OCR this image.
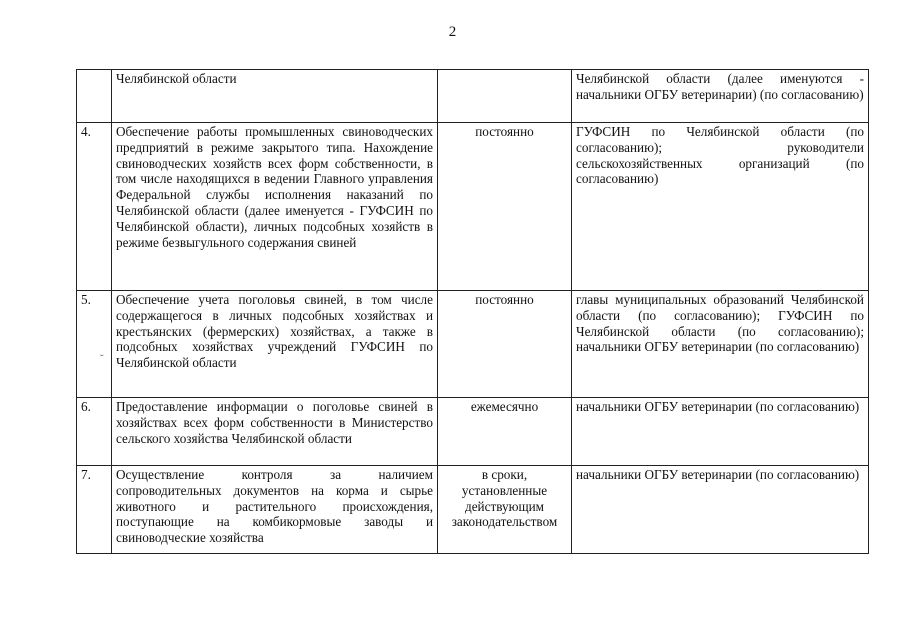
2
	Челябинской области		Челябинской области (далее именуются - начальники ОГБУ ветеринарии) (по согласованию)
4.	Обеспечение работы промышленных свиноводческих предприятий в режиме закрытого типа. Нахождение свиноводческих хозяйств всех форм собственности, в том числе находящихся в ведении Главного управления Федеральной службы исполнения наказаний по Челябинской области (далее именуется - ГУФСИН по Челябинской области), личных подсобных хозяйств в режиме безвыгульного содержания свиней	постоянно	ГУФСИН по Челябинской области (по согласованию); руководители сельскохозяйственных организаций (по согласованию)
5.	Обеспечение учета поголовья свиней, в том числе содержащегося в личных подсобных хозяйствах и крестьянских (фермерских) хозяйствах, а также в подсобных хозяйствах учреждений ГУФСИН по Челябинской области	постоянно	главы муниципальных образований Челябинской области (по согласованию); ГУФСИН по Челябинской области (по согласованию); начальники ОГБУ ветеринарии (по согласованию)
6.	Предоставление информации о поголовье свиней в хозяйствах всех форм собственности в Министерство сельского хозяйства Челябинской области	ежемесячно	начальники ОГБУ ветеринарии (по согласованию)
7.	Осуществление контроля за наличием сопроводительных документов на корма и сырье животного и растительного происхождения, поступающие на комбикормовые заводы и свиноводческие хозяйства	в сроки, установленные действующим законодательством	начальники ОГБУ ветеринарии (по согласованию)
˘
